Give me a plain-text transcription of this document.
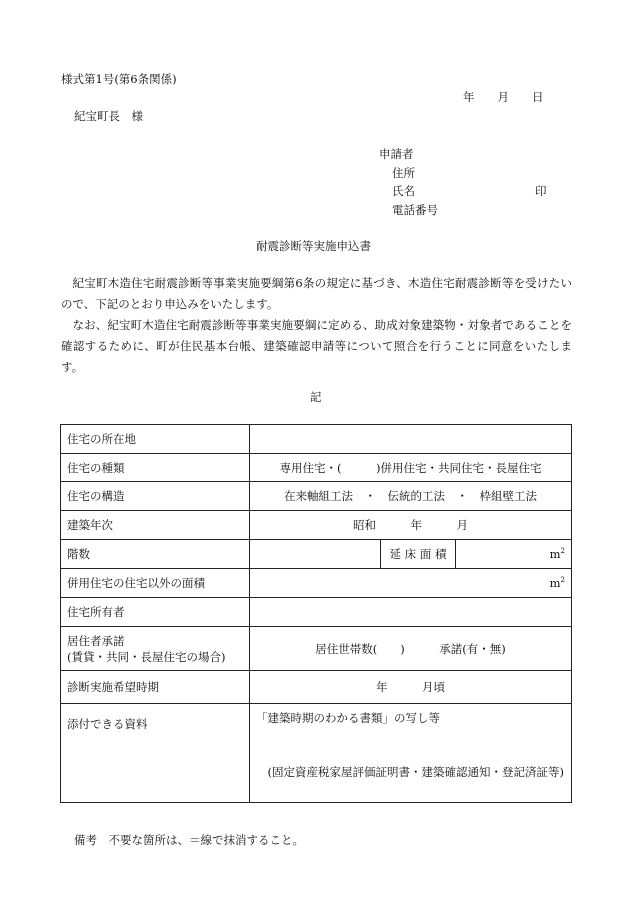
様式第1号(第6条関係)
年　　月　　日
紀宝町長　様
申請者
住所
氏名	印
電話番号
耐震診断等実施申込書
紀宝町木造住宅耐震診断等事業実施要綱第6条の規定に基づき、木造住宅耐震診断等を受けたいので、下記のとおり申込みをいたします。
なお、紀宝町木造住宅耐震診断等事業実施要綱に定める、助成対象建築物・対象者であることを確認するために、町が住民基本台帳、建築確認申請等について照合を行うことに同意をいたします。
記
住宅の所在地			
住宅の種類	専用住宅・(　　　)併用住宅・共同住宅・長屋住宅		
住宅の構造	在来軸組工法　・　伝統的工法　・　枠組壁工法		
建築年次	昭和　　　年　　　月		
階数		延 床 面 積	$m^2$
併用住宅の住宅以外の面積	$m^2$
住宅所有者			

居住者承諾
(賃貸・共同・長屋住宅の場合)	居住世帯数(　　)　　　承諾(有・無)		
診断実施希望時期	年　　　月頃		

添付できる資料	「建築時期のわかる書類」の写し等
(固定資産税家屋評価証明書・建築確認通知・登記済証等)		
備考　不要な箇所は、＝線で抹消すること。
